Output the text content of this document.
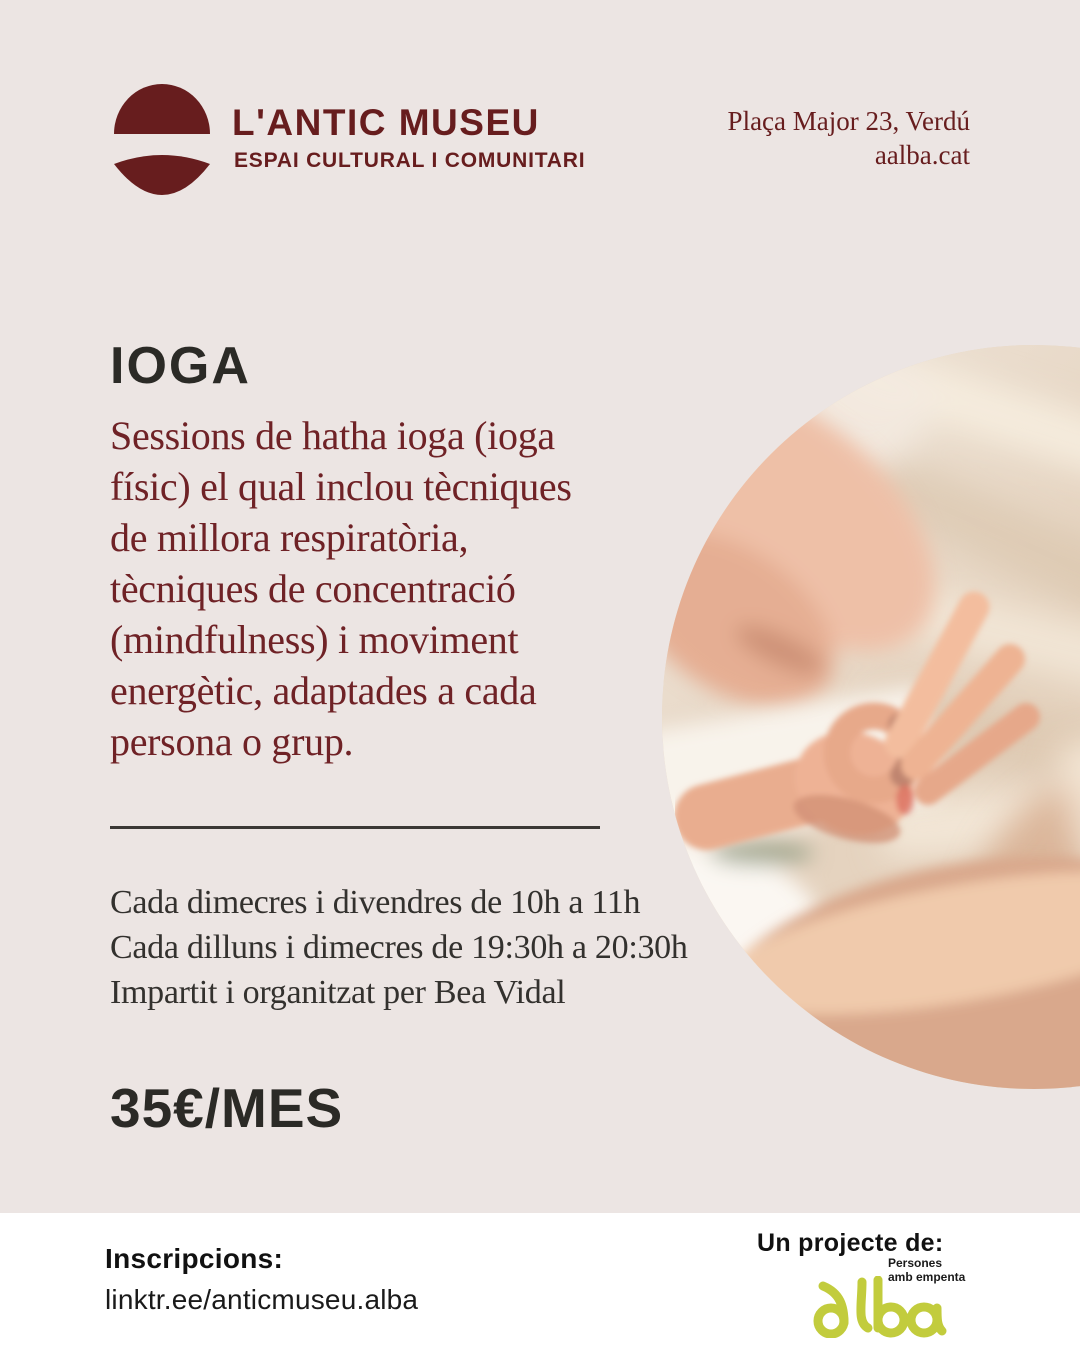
L'ANTIC MUSEU
ESPAI CULTURAL I COMUNITARI
Plaça Major 23, Verdú
aalba.cat
IOGA
Sessions de hatha ioga (ioga
físic) el qual inclou tècniques
de millora respiratòria,
tècniques de concentració
(mindfulness) i moviment
energètic, adaptades a cada
persona o grup.
Cada dimecres i divendres de 10h a 11h
Cada dilluns i dimecres de 19:30h a 20:30h
Impartit i organitzat per Bea Vidal
35€/MES
Inscripcions:
linktr.ee/anticmuseu.alba
Un projecte de:
Persones
amb empenta
